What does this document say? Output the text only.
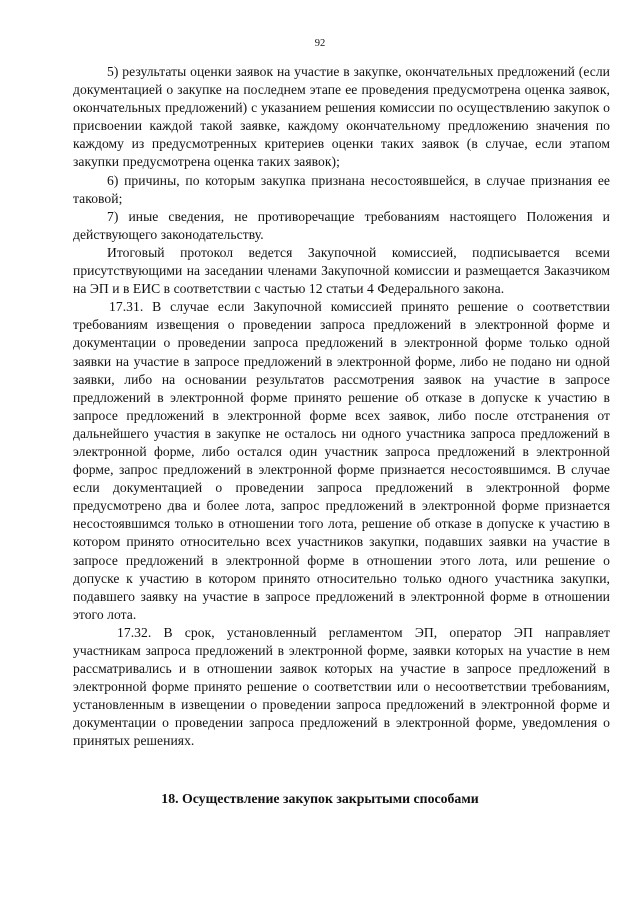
92

5) результаты оценки заявок на участие в закупке, окончательных предложений (если документацией о закупке на последнем этапе ее проведения предусмотрена оценка заявок, окончательных предложений) с указанием решения комиссии по осуществлению закупок о присвоении каждой такой заявке, каждому окончательному предложению значения по каждому из предусмотренных критериев оценки таких заявок (в случае, если этапом закупки предусмотрена оценка таких заявок);

6) причины, по которым закупка признана несостоявшейся, в случае признания ее таковой;

7) иные сведения, не противоречащие требованиям настоящего Положения и действующего законодательству.

Итоговый протокол ведется Закупочной комиссией, подписывается всеми присутствующими на заседании членами Закупочной комиссии и размещается Заказчиком на ЭП и в ЕИС в соответствии с частью 12 статьи 4 Федерального закона.

17.31. В случае если Закупочной комиссией принято решение о соответствии требованиям извещения о проведении запроса предложений в электронной форме и документации о проведении запроса предложений в электронной форме только одной заявки на участие в запросе предложений в электронной форме, либо не подано ни одной заявки, либо на основании результатов рассмотрения заявок на участие в запросе предложений в электронной форме принято решение об отказе в допуске к участию в запросе предложений в электронной форме всех заявок, либо после отстранения от дальнейшего участия в закупке не осталось ни одного участника запроса предложений в электронной форме, либо остался один участник запроса предложений в электронной форме, запрос предложений в электронной форме признается несостоявшимся. В случае если документацией о проведении запроса предложений в электронной форме предусмотрено два и более лота, запрос предложений в электронной форме признается несостоявшимся только в отношении того лота, решение об отказе в допуске к участию в котором принято относительно всех участников закупки, подавших заявки на участие в запросе предложений в электронной форме в отношении этого лота, или решение о допуске к участию в котором принято относительно только одного участника закупки, подавшего заявку на участие в запросе предложений в электронной форме в отношении этого лота.

17.32. В срок, установленный регламентом ЭП, оператор ЭП направляет участникам запроса предложений в электронной форме, заявки которых на участие в нем рассматривались и в отношении заявок которых на участие в запросе предложений в электронной форме принято решение о соответствии или о несоответствии требованиям, установленным в извещении о проведении запроса предложений в электронной форме и документации о проведении запроса предложений в электронной форме, уведомления о принятых решениях.

18. Осуществление закупок закрытыми способами
